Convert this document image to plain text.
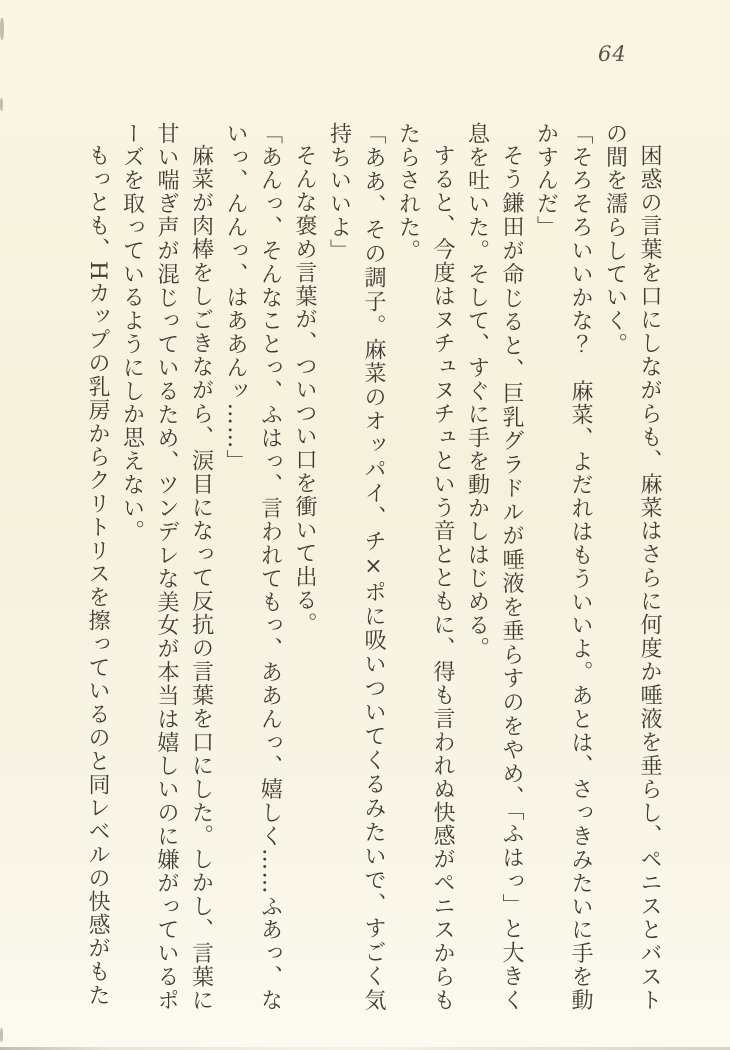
64

困惑の言葉を口にしながらも、麻菜はさらに何度か唾液を垂らし、ペニスとバストの間を濡らしていく。

「そろそろいいかな？　麻菜、よだれはもういいよ。あとは、さっきみたいに手を動かすんだ」

そう鎌田が命じると、巨乳グラドルが唾液を垂らすのをやめ、「ふはっ」と大きく息を吐いた。そして、すぐに手を動かしはじめる。

すると、今度はヌチュヌチュという音とともに、得も言われぬ快感がペニスからもたらされた。

「ああ、その調子。麻菜のオッパイ、チ×ポに吸いついてくるみたいで、すごく気持ちいいよ」

そんな褒め言葉が、ついつい口を衝いて出る。

「あんっ、そんなことっ、ふはっ、言われてもっ、ああんっ、嬉しく……ふあっ、ないっ、んんっ、はああんッ……」

麻菜が肉棒をしごきながら、涙目になって反抗の言葉を口にした。しかし、言葉に甘い喘ぎ声が混じっているため、ツンデレな美女が本当は嬉しいのに嫌がっているポーズを取っているようにしか思えない。

もっとも、Hカップの乳房からクリトリスを擦っているのと同レベルの快感がもた
